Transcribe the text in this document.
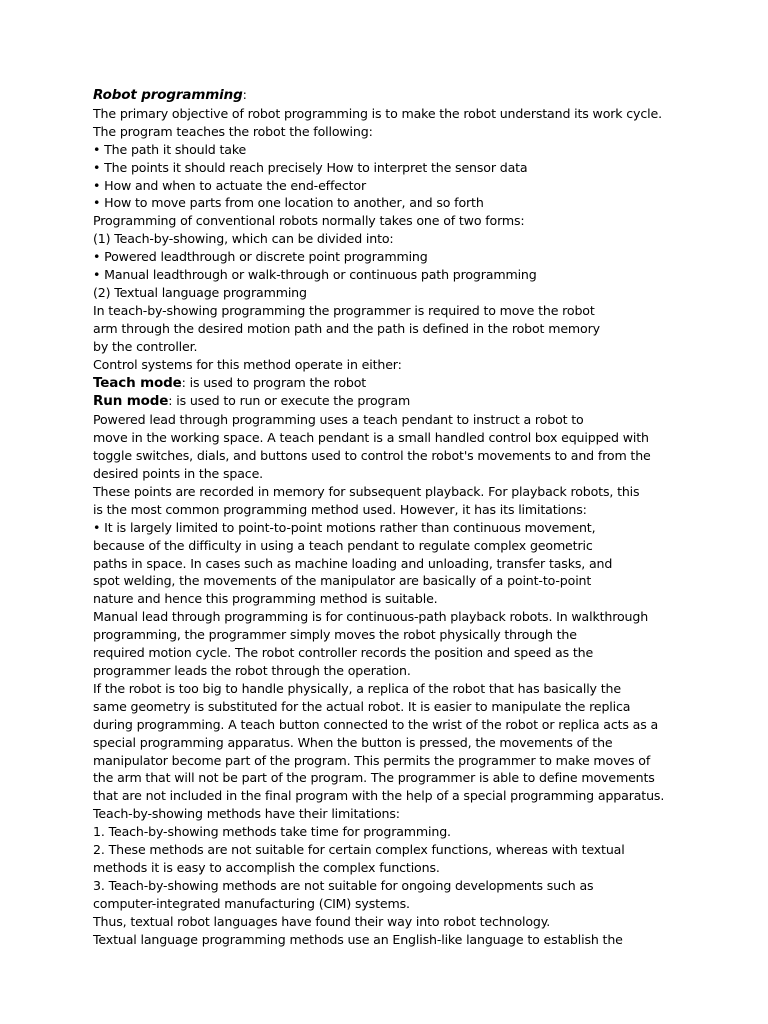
Robot programming:
The primary objective of robot programming is to make the robot understand its work cycle.
The program teaches the robot the following:
• The path it should take
• The points it should reach precisely How to interpret the sensor data
• How and when to actuate the end-effector
• How to move parts from one location to another, and so forth
Programming of conventional robots normally takes one of two forms:
(1) Teach-by-showing, which can be divided into:
• Powered leadthrough or discrete point programming
• Manual leadthrough or walk-through or continuous path programming
(2) Textual language programming
In teach-by-showing programming the programmer is required to move the robot
arm through the desired motion path and the path is defined in the robot memory
by the controller.
Control systems for this method operate in either:
Teach mode: is used to program the robot
Run mode: is used to run or execute the program
Powered lead through programming uses a teach pendant to instruct a robot to
move in the working space. A teach pendant is a small handled control box equipped with
toggle switches, dials, and buttons used to control the robot's movements to and from the
desired points in the space.
These points are recorded in memory for subsequent playback. For playback robots, this
is the most common programming method used. However, it has its limitations:
• It is largely limited to point-to-point motions rather than continuous movement,
because of the difficulty in using a teach pendant to regulate complex geometric
paths in space. In cases such as machine loading and unloading, transfer tasks, and
spot welding, the movements of the manipulator are basically of a point-to-point
nature and hence this programming method is suitable.
Manual lead through programming is for continuous-path playback robots. In walkthrough
programming, the programmer simply moves the robot physically through the
required motion cycle. The robot controller records the position and speed as the
programmer leads the robot through the operation.
If the robot is too big to handle physically, a replica of the robot that has basically the
same geometry is substituted for the actual robot. It is easier to manipulate the replica
during programming. A teach button connected to the wrist of the robot or replica acts as a
special programming apparatus. When the button is pressed, the movements of the
manipulator become part of the program. This permits the programmer to make moves of
the arm that will not be part of the program. The programmer is able to define movements
that are not included in the final program with the help of a special programming apparatus.
Teach-by-showing methods have their limitations:
1. Teach-by-showing methods take time for programming.
2. These methods are not suitable for certain complex functions, whereas with textual
methods it is easy to accomplish the complex functions.
3. Teach-by-showing methods are not suitable for ongoing developments such as
computer-integrated manufacturing (CIM) systems.
Thus, textual robot languages have found their way into robot technology.
Textual language programming methods use an English-like language to establish the
